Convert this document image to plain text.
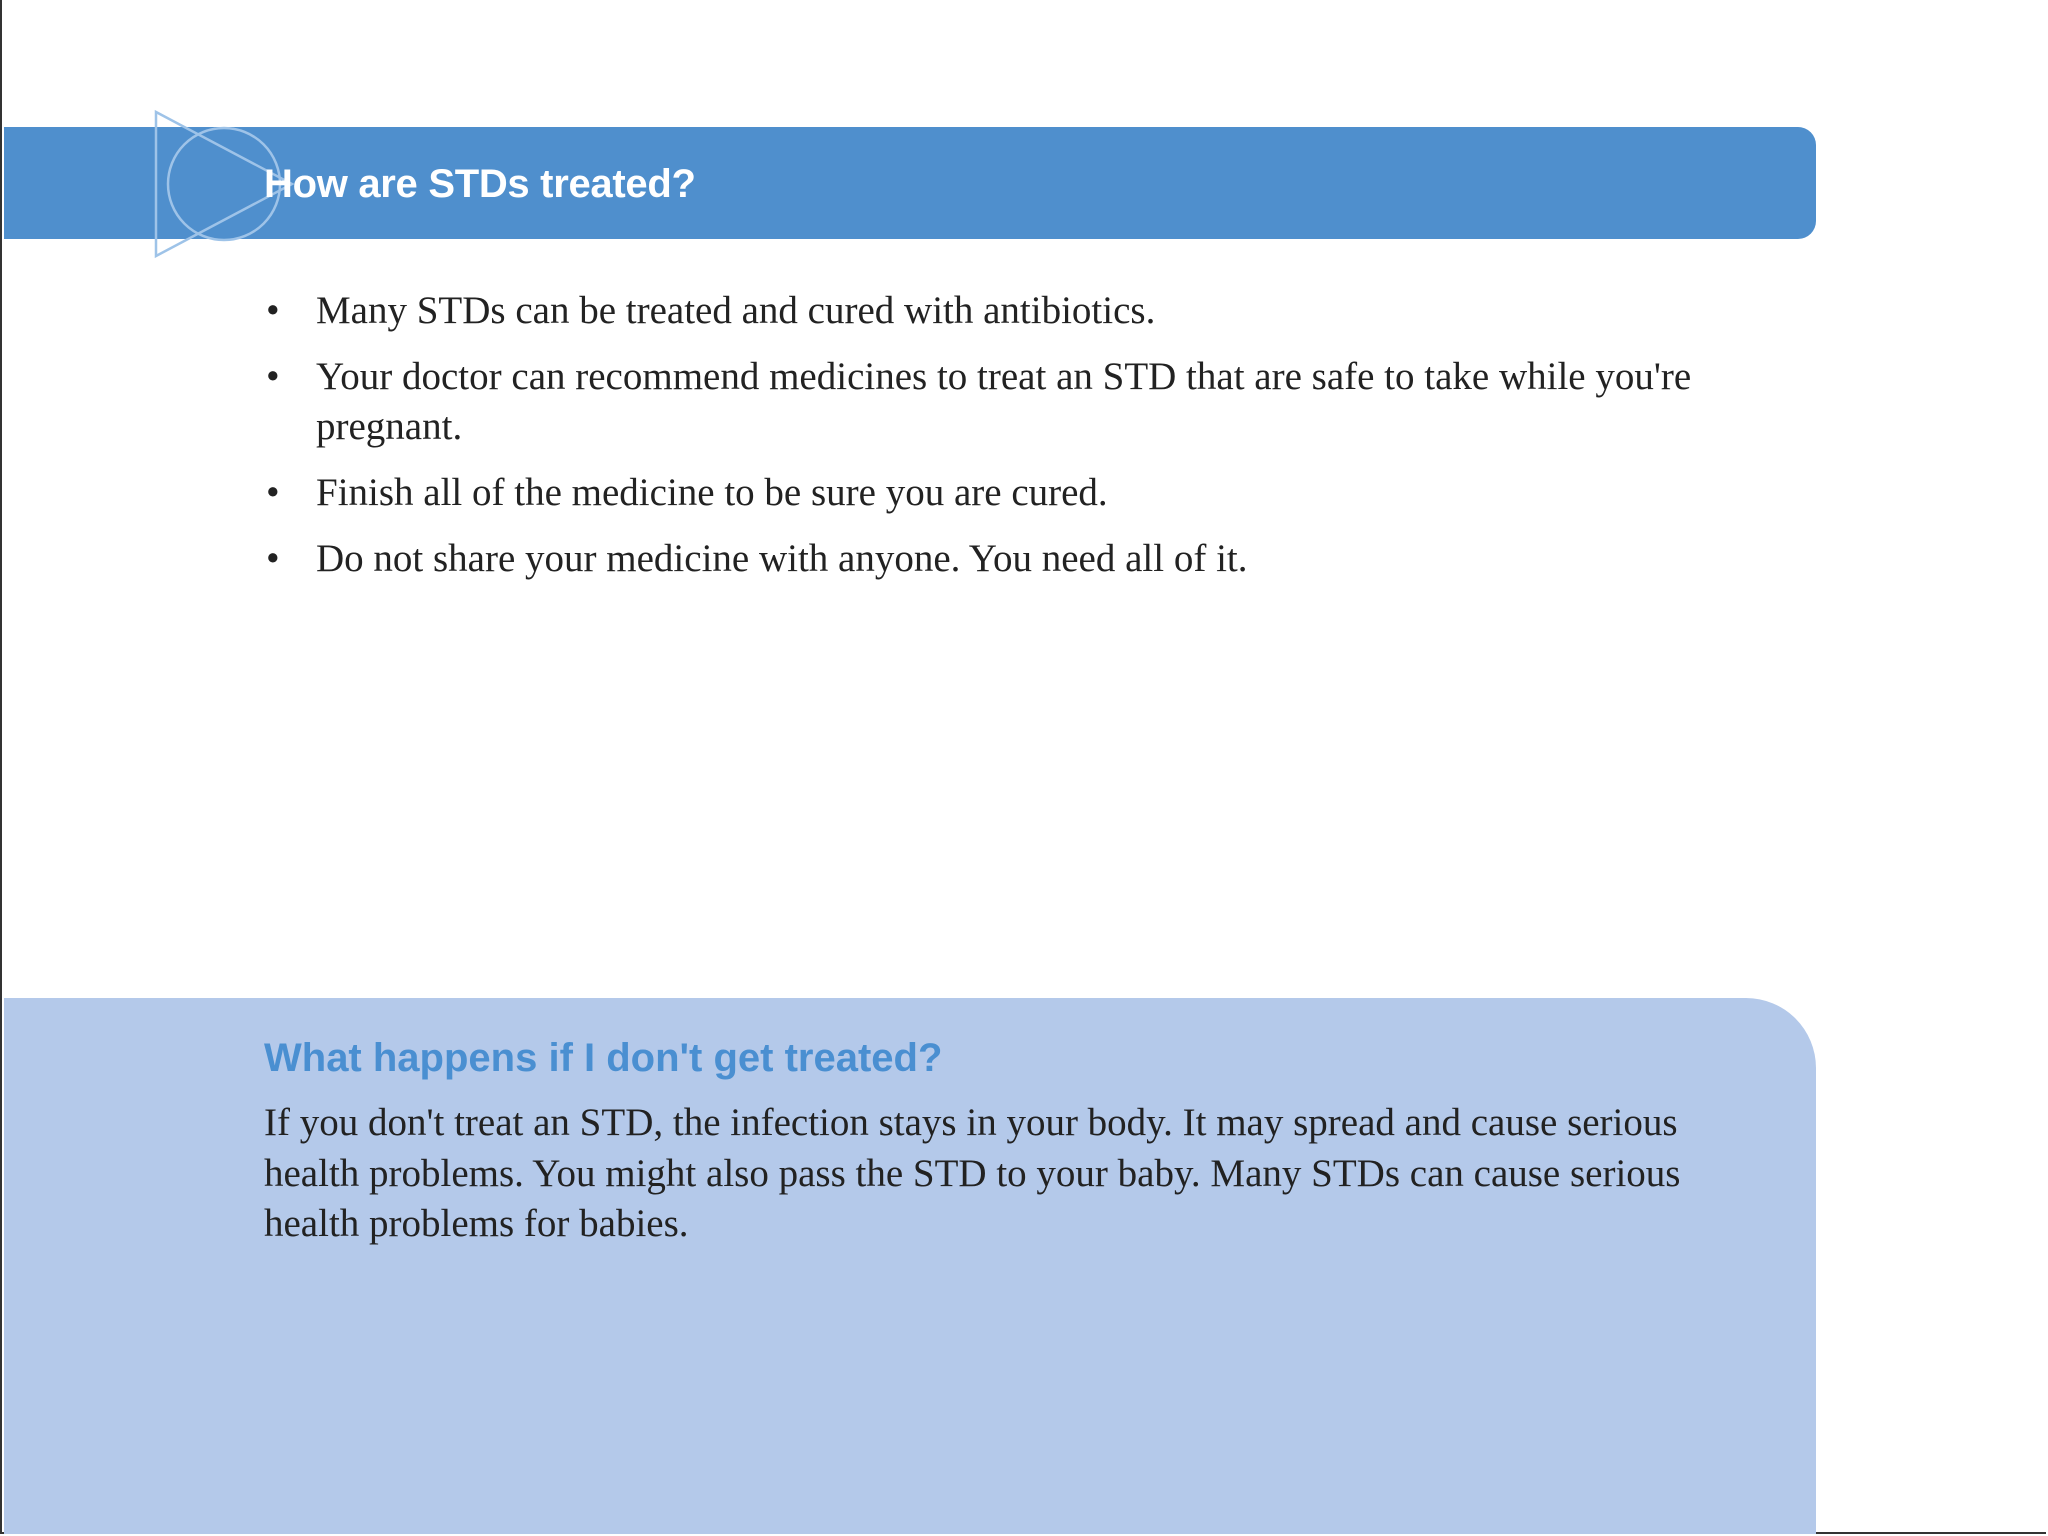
How are STDs treated?
• Many STDs can be treated and cured with antibiotics.
• Your doctor can recommend medicines to treat an STD that are safe to take while you're pregnant.
• Finish all of the medicine to be sure you are cured.
• Do not share your medicine with anyone. You need all of it.
What happens if I don't get treated?

If you don't treat an STD, the infection stays in your body. It may spread and cause serious health problems. You might also pass the STD to your baby. Many STDs can cause serious health problems for babies.
